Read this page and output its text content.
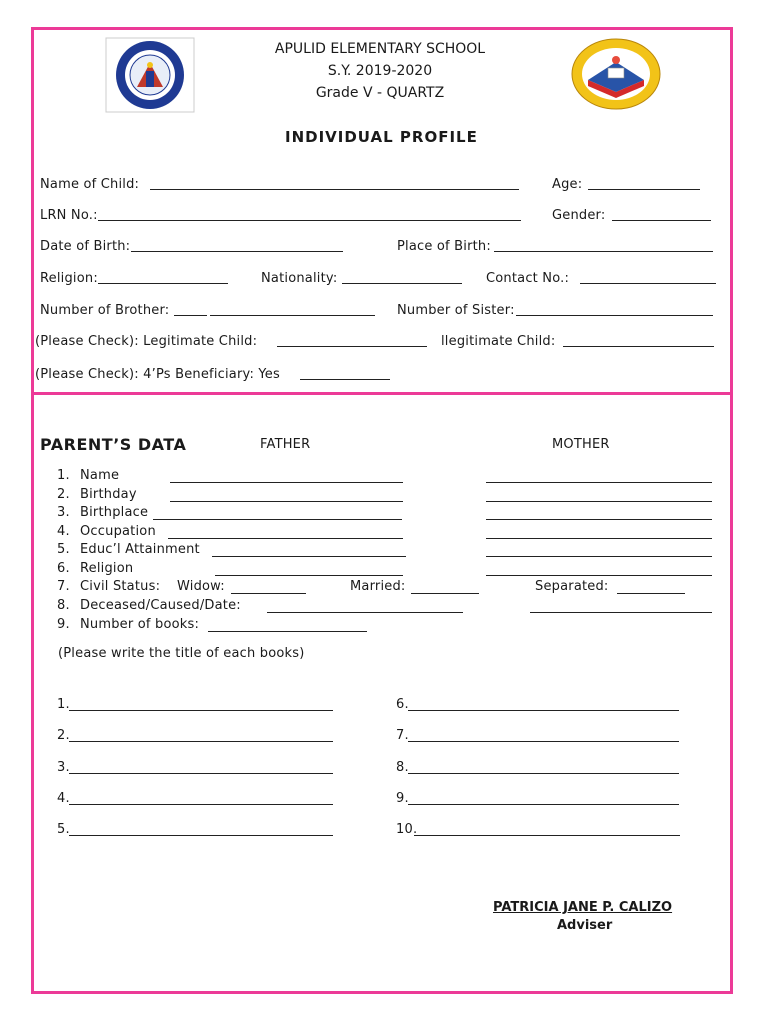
APULID ELEMENTARY SCHOOL
S.Y. 2019-2020
Grade V - QUARTZ
INDIVIDUAL PROFILE
Name of Child:	Age:
LRN No.:	Gender:
Date of Birth:	Place of Birth:
Religion:	Nationality:	Contact No.:
Number of Brother:	Number of Sister:
(Please Check): Legitimate Child:	llegitimate Child:
(Please Check): 4’Ps Beneficiary: Yes
PARENT’S DATA	FATHER	MOTHER
1. Name
2. Birthday
3. Birthplace
4. Occupation
5. Educ’l Attainment
6. Religion
7. Civil Status: Widow:	Married:	Separated:
8. Deceased/Caused/Date:
9. Number of books:
(Please write the title of each books)
1.	6.
2.	7.
3.	8.
4.	9.
5.	10.
PATRICIA JANE P. CALIZO
Adviser
